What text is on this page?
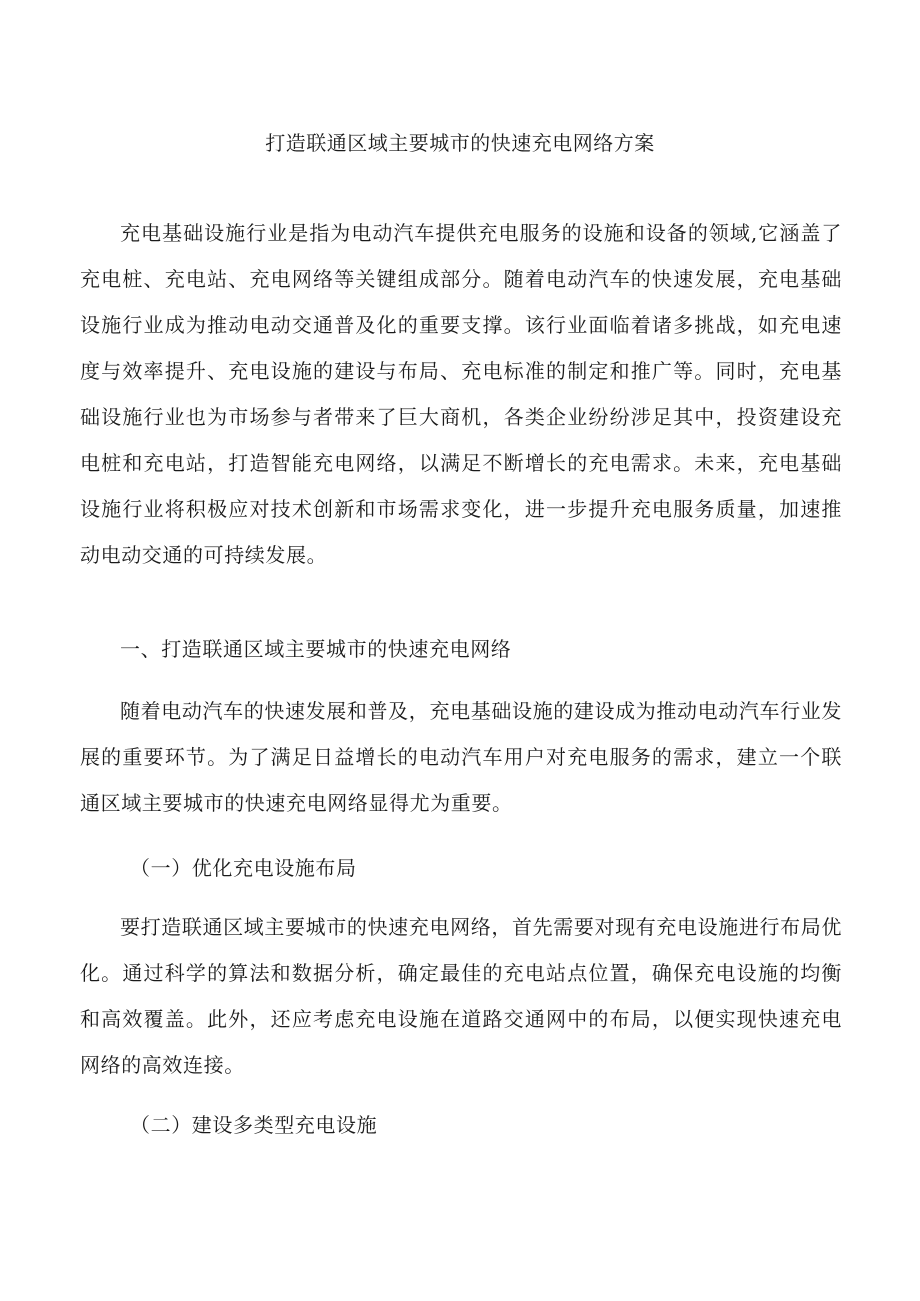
打造联通区域主要城市的快速充电网络方案

充电基础设施行业是指为电动汽车提供充电服务的设施和设备的领域,它涵盖了充电桩、充电站、充电网络等关键组成部分。随着电动汽车的快速发展，充电基础设施行业成为推动电动交通普及化的重要支撑。该行业面临着诸多挑战，如充电速度与效率提升、充电设施的建设与布局、充电标准的制定和推广等。同时，充电基础设施行业也为市场参与者带来了巨大商机，各类企业纷纷涉足其中，投资建设充电桩和充电站，打造智能充电网络，以满足不断增长的充电需求。未来，充电基础设施行业将积极应对技术创新和市场需求变化，进一步提升充电服务质量，加速推动电动交通的可持续发展。

一、打造联通区域主要城市的快速充电网络

随着电动汽车的快速发展和普及，充电基础设施的建设成为推动电动汽车行业发展的重要环节。为了满足日益增长的电动汽车用户对充电服务的需求，建立一个联通区域主要城市的快速充电网络显得尤为重要。

（一）优化充电设施布局

要打造联通区域主要城市的快速充电网络，首先需要对现有充电设施进行布局优化。通过科学的算法和数据分析，确定最佳的充电站点位置，确保充电设施的均衡和高效覆盖。此外，还应考虑充电设施在道路交通网中的布局，以便实现快速充电网络的高效连接。

（二）建设多类型充电设施
